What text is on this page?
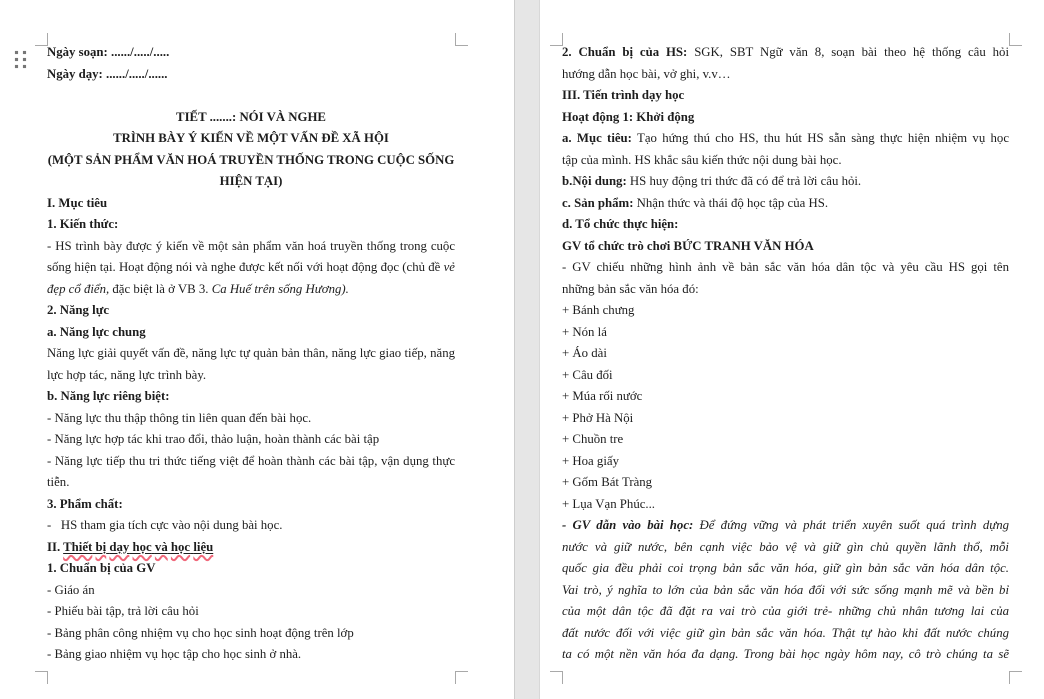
Ngày soạn: ....../...../.....
Ngày dạy: ....../...../......
TIẾT .......: NÓI VÀ NGHE
TRÌNH BÀY Ý KIẾN VỀ MỘT VẤN ĐỀ XÃ HỘI
(MỘT SẢN PHẨM VĂN HOÁ TRUYỀN THỐNG TRONG CUỘC SỐNG
HIỆN TẠI)
I. Mục tiêu
1. Kiến thức:
- HS trình bày được ý kiến về một sản phẩm văn hoá truyền thống trong cuộc
sống hiện tại. Hoạt động nói và nghe được kết nối với hoạt động đọc (chủ đề vẻ
đẹp cổ điển, đặc biệt là ở VB 3. Ca Huế trên sống Hương).
2. Năng lực
a. Năng lực chung
Năng lực giải quyết vấn đề, năng lực tự quản bản thân, năng lực giao tiếp, năng
lực hợp tác, năng lực trình bày.
b. Năng lực riêng biệt:
- Năng lực thu thập thông tin liên quan đến bài học.
- Năng lực hợp tác khi trao đổi, thảo luận, hoàn thành các bài tập
- Năng lực tiếp thu tri thức tiếng việt để hoàn thành các bài tập, vận dụng thực
tiễn.
3. Phẩm chất:
-   HS tham gia tích cực vào nội dung bài học.
II. Thiết bị dạy học và học liệu
1. Chuẩn bị của GV
- Giáo án
- Phiếu bài tập, trả lời câu hỏi
- Bảng phân công nhiệm vụ cho học sinh hoạt động trên lớp
- Bảng giao nhiệm vụ học tập cho học sinh ở nhà.
2. Chuẩn bị của HS: SGK, SBT Ngữ văn 8, soạn bài theo hệ thống câu hỏi
hướng dẫn học bài, vở ghi, v.v…
III. Tiến trình dạy học
Hoạt động 1: Khởi động
a. Mục tiêu: Tạo hứng thú cho HS, thu hút HS sẵn sàng thực hiện nhiệm vụ học
tập của mình. HS khắc sâu kiến thức nội dung bài học.
b.Nội dung: HS huy động tri thức đã có để trả lời câu hỏi.
c. Sản phẩm: Nhận thức và thái độ học tập của HS.
d. Tổ chức thực hiện:
GV tổ chức trò chơi BỨC TRANH VĂN HÓA
- GV chiếu những hình ảnh về bản sắc văn hóa dân tộc và yêu cầu HS gọi tên
những bản sắc văn hóa đó:
+ Bánh chưng
+ Nón lá
+ Áo dài
+ Câu đối
+ Múa rối nước
+ Phở Hà Nội
+ Chuồn tre
+ Hoa giấy
+ Gốm Bát Tràng
+ Lụa Vạn Phúc...
- GV dẫn vào bài học: Để đứng vững và phát triển xuyên suốt quá trình dựng
nước và giữ nước, bên cạnh việc bảo vệ và giữ gìn chủ quyền lãnh thổ, mỗi
quốc gia đều phải coi trọng bản sắc văn hóa, giữ gìn bản sắc văn hóa dân tộc.
Vai trò, ý nghĩa to lớn của bản sắc văn hóa đối với sức sống mạnh mẽ và bền bỉ
của một dân tộc đã đặt ra vai trò của giới trẻ- những chủ nhân tương lai của
đất nước đối với việc giữ gìn bản sắc văn hóa. Thật tự hào khi đất nước chúng
ta có một nền văn hóa đa dạng. Trong bài học ngày hôm nay, cô trò chúng ta sẽ
